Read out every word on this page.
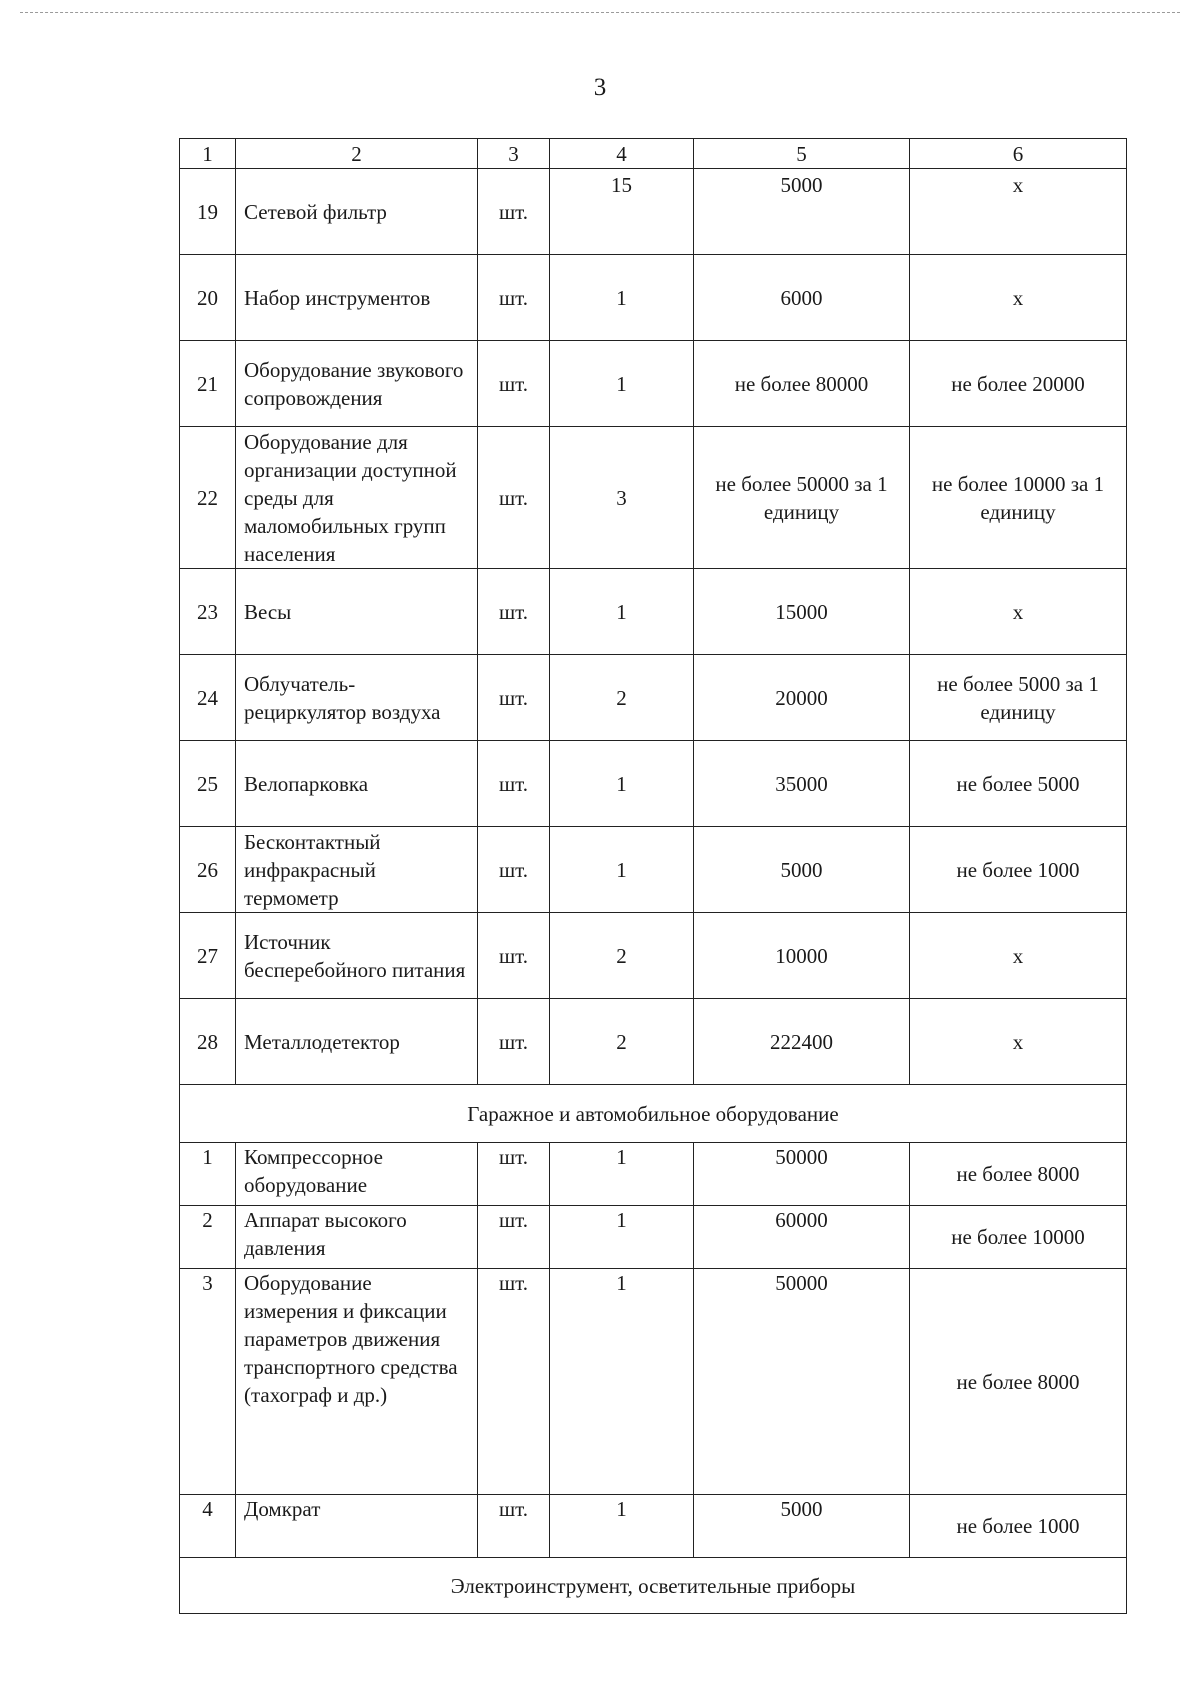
3
1	2	3	4	5	6
19	Сетевой фильтр	шт.	15	5000	х
20	Набор инструментов	шт.	1	6000	х
21	Оборудование звукового сопровождения	шт.	1	не более 80000	не более 20000
22	Оборудование для организации доступной среды для маломобильных групп населения	шт.	3	не более 50000 за 1 единицу	не более 10000 за 1 единицу
23	Весы	шт.	1	15000	х
24	Облучатель-рециркулятор воздуха	шт.	2	20000	не более 5000 за 1 единицу
25	Велопарковка	шт.	1	35000	не более 5000
26	Бесконтактный инфракрасный термометр	шт.	1	5000	не более 1000
27	Источник бесперебойного питания	шт.	2	10000	х
28	Металлодетектор	шт.	2	222400	х
Гаражное и автомобильное оборудование					
1	Компрессорное оборудование	шт.	1	50000	не более 8000
2	Аппарат высокого давления	шт.	1	60000	не более 10000
3	Оборудование измерения и фиксации параметров движения транспортного средства (тахограф и др.)	шт.	1	50000	не более 8000
4	Домкрат	шт.	1	5000	не более 1000
Электроинструмент, осветительные приборы					
